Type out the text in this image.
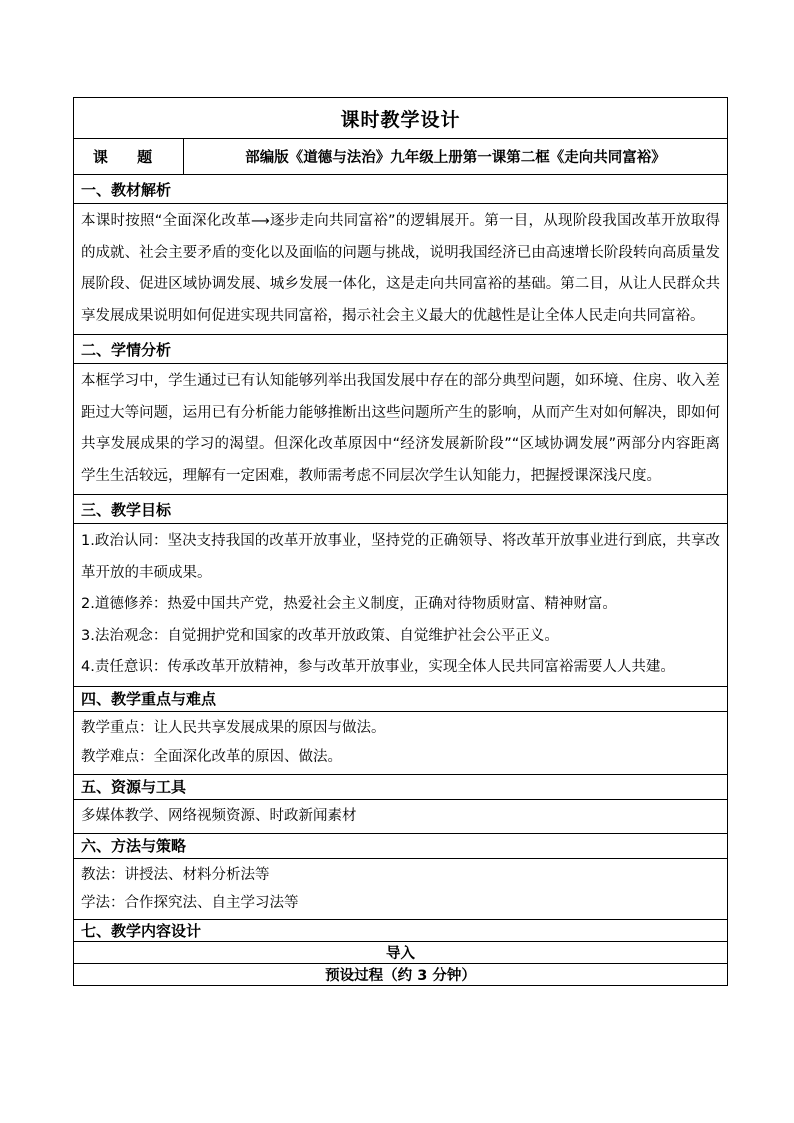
课时教学设计
课 题	部编版《道德与法治》九年级上册第一课第二框《走向共同富裕》
一、教材解析
本课时按照“全面深化改革⟶逐步走向共同富裕”的逻辑展开。第一目，从现阶段我国改革开放取得的成就、社会主要矛盾的变化以及面临的问题与挑战，说明我国经济已由高速增长阶段转向高质量发展阶段、促进区域协调发展、城乡发展一体化，这是走向共同富裕的基础。第二目，从让人民群众共享发展成果说明如何促进实现共同富裕，揭示社会主义最大的优越性是让全体人民走向共同富裕。
二、学情分析
本框学习中，学生通过已有认知能够列举出我国发展中存在的部分典型问题，如环境、住房、收入差距过大等问题，运用已有分析能力能够推断出这些问题所产生的影响，从而产生对如何解决，即如何共享发展成果的学习的渴望。但深化改革原因中“经济发展新阶段”“区域协调发展”两部分内容距离学生生活较远，理解有一定困难，教师需考虑不同层次学生认知能力，把握授课深浅尺度。
三、教学目标

1.政治认同：坚决支持我国的改革开放事业，坚持党的正确领导、将改革开放事业进行到底，共享改革开放的丰硕成果。

2.道德修养：热爱中国共产党，热爱社会主义制度，正确对待物质财富、精神财富。

3.法治观念：自觉拥护党和国家的改革开放政策、自觉维护社会公平正义。

4.责任意识：传承改革开放精神，参与改革开放事业，实现全体人民共同富裕需要人人共建。

四、教学重点与难点

教学重点：让人民共享发展成果的原因与做法。

教学难点：全面深化改革的原因、做法。

五、资源与工具
多媒体教学、网络视频资源、时政新闻素材
六、方法与策略

教法：讲授法、材料分析法等

学法：合作探究法、自主学习法等

七、教学内容设计
导入
预设过程（约 3 分钟）
